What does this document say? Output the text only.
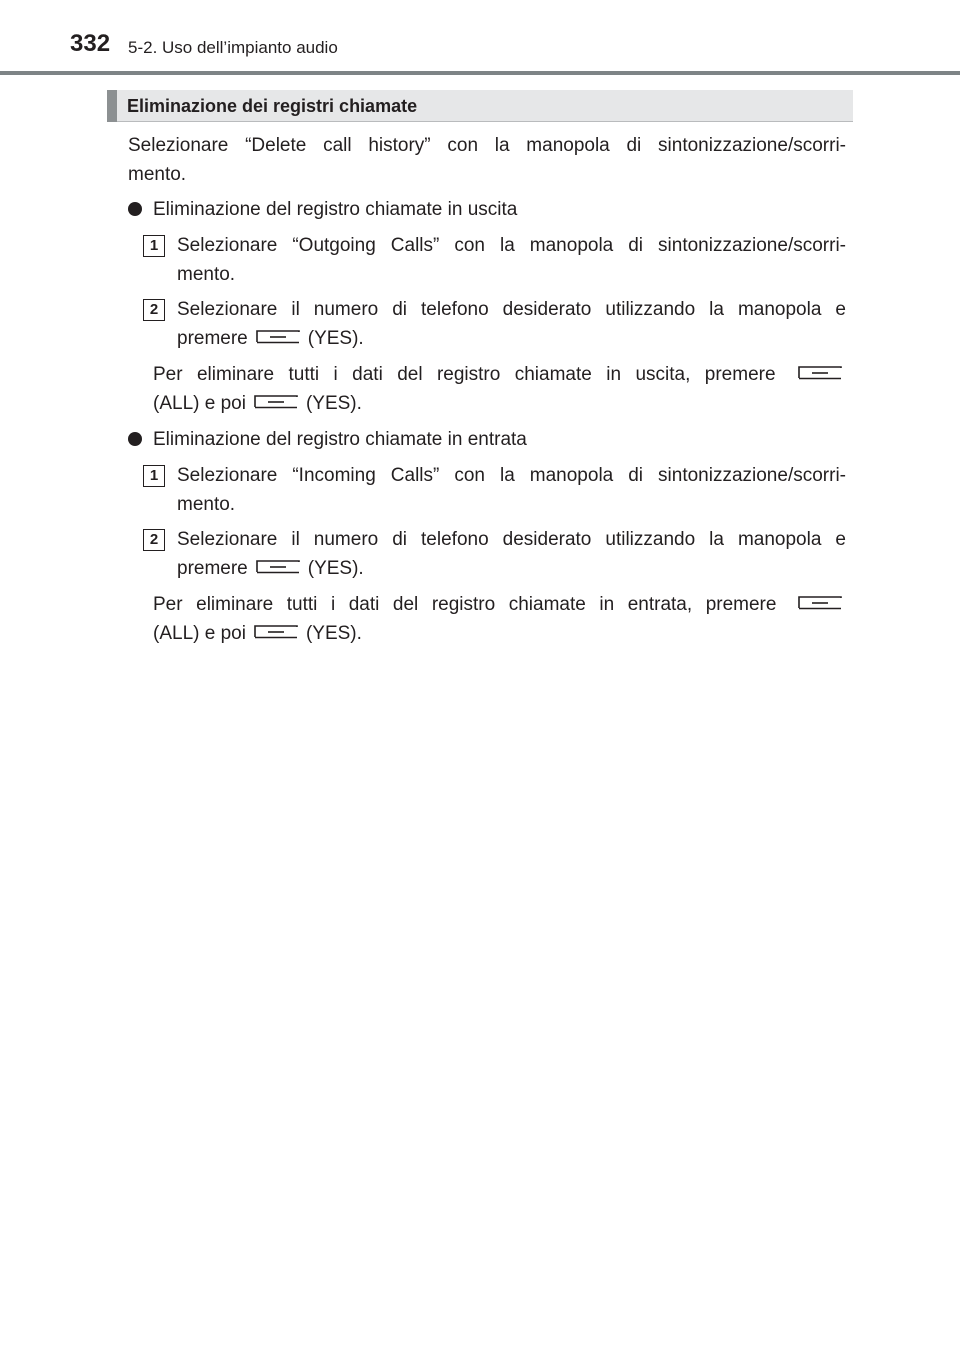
332 5-2. Uso dell’impianto audio
Eliminazione dei registri chiamate
Selezionare “Delete call history” con la manopola di sintonizzazione/scorri-
mento.
Eliminazione del registro chiamate in uscita
1 Selezionare “Outgoing Calls” con la manopola di sintonizzazione/scorri-
mento.
2 Selezionare il numero di telefono desiderato utilizzando la manopola e
premere	(YES).
Per eliminare tutti i dati del registro chiamate in uscita, premere
(ALL) e poi	(YES).
Eliminazione del registro chiamate in entrata
1 Selezionare “Incoming Calls” con la manopola di sintonizzazione/scorri-
mento.
2 Selezionare il numero di telefono desiderato utilizzando la manopola e
premere	(YES).
Per eliminare tutti i dati del registro chiamate in entrata, premere
(ALL) e poi	(YES).
